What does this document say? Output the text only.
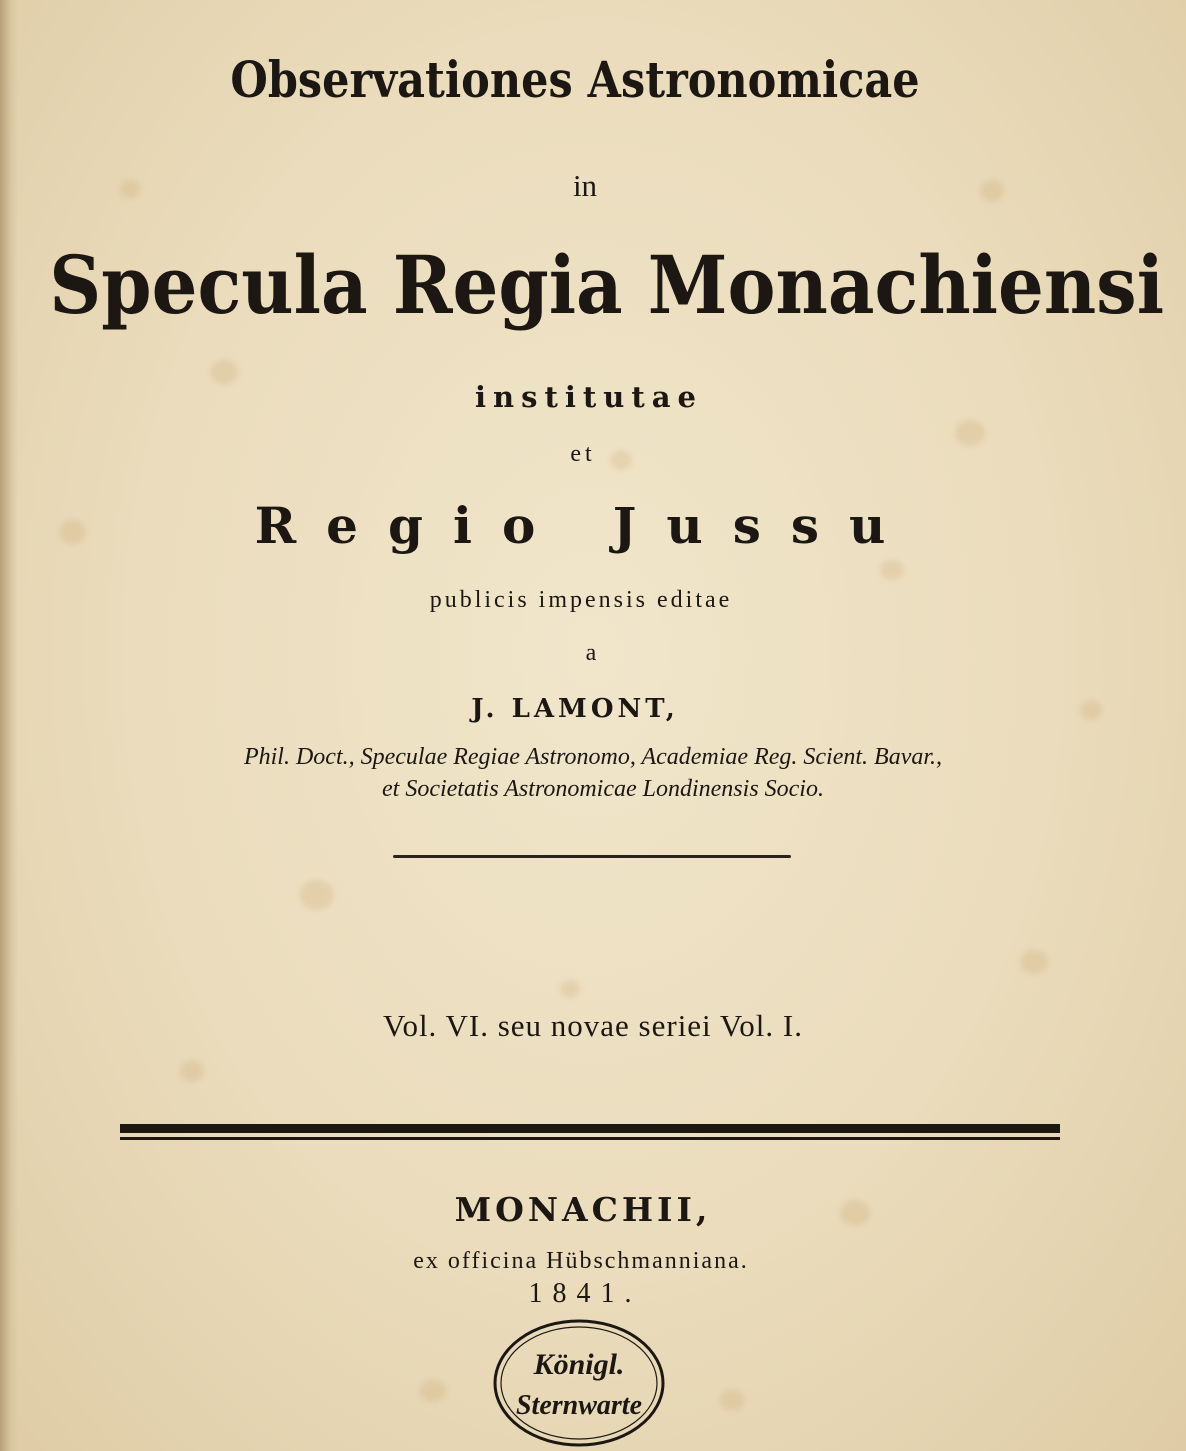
Observationes Astronomicae
in
Specula Regia Monachiensi
institutae
et
Regio Jussu
publicis impensis editae
a
J. LAMONT,
Phil. Doct., Speculae Regiae Astronomo, Academiae Reg. Scient. Bavar.,
et Societatis Astronomicae Londinensis Socio.
Vol. VI. seu novae seriei Vol. I.
MONACHII,
ex officina Hübschmanniana.
1841.
Königl.
Sternwarte
